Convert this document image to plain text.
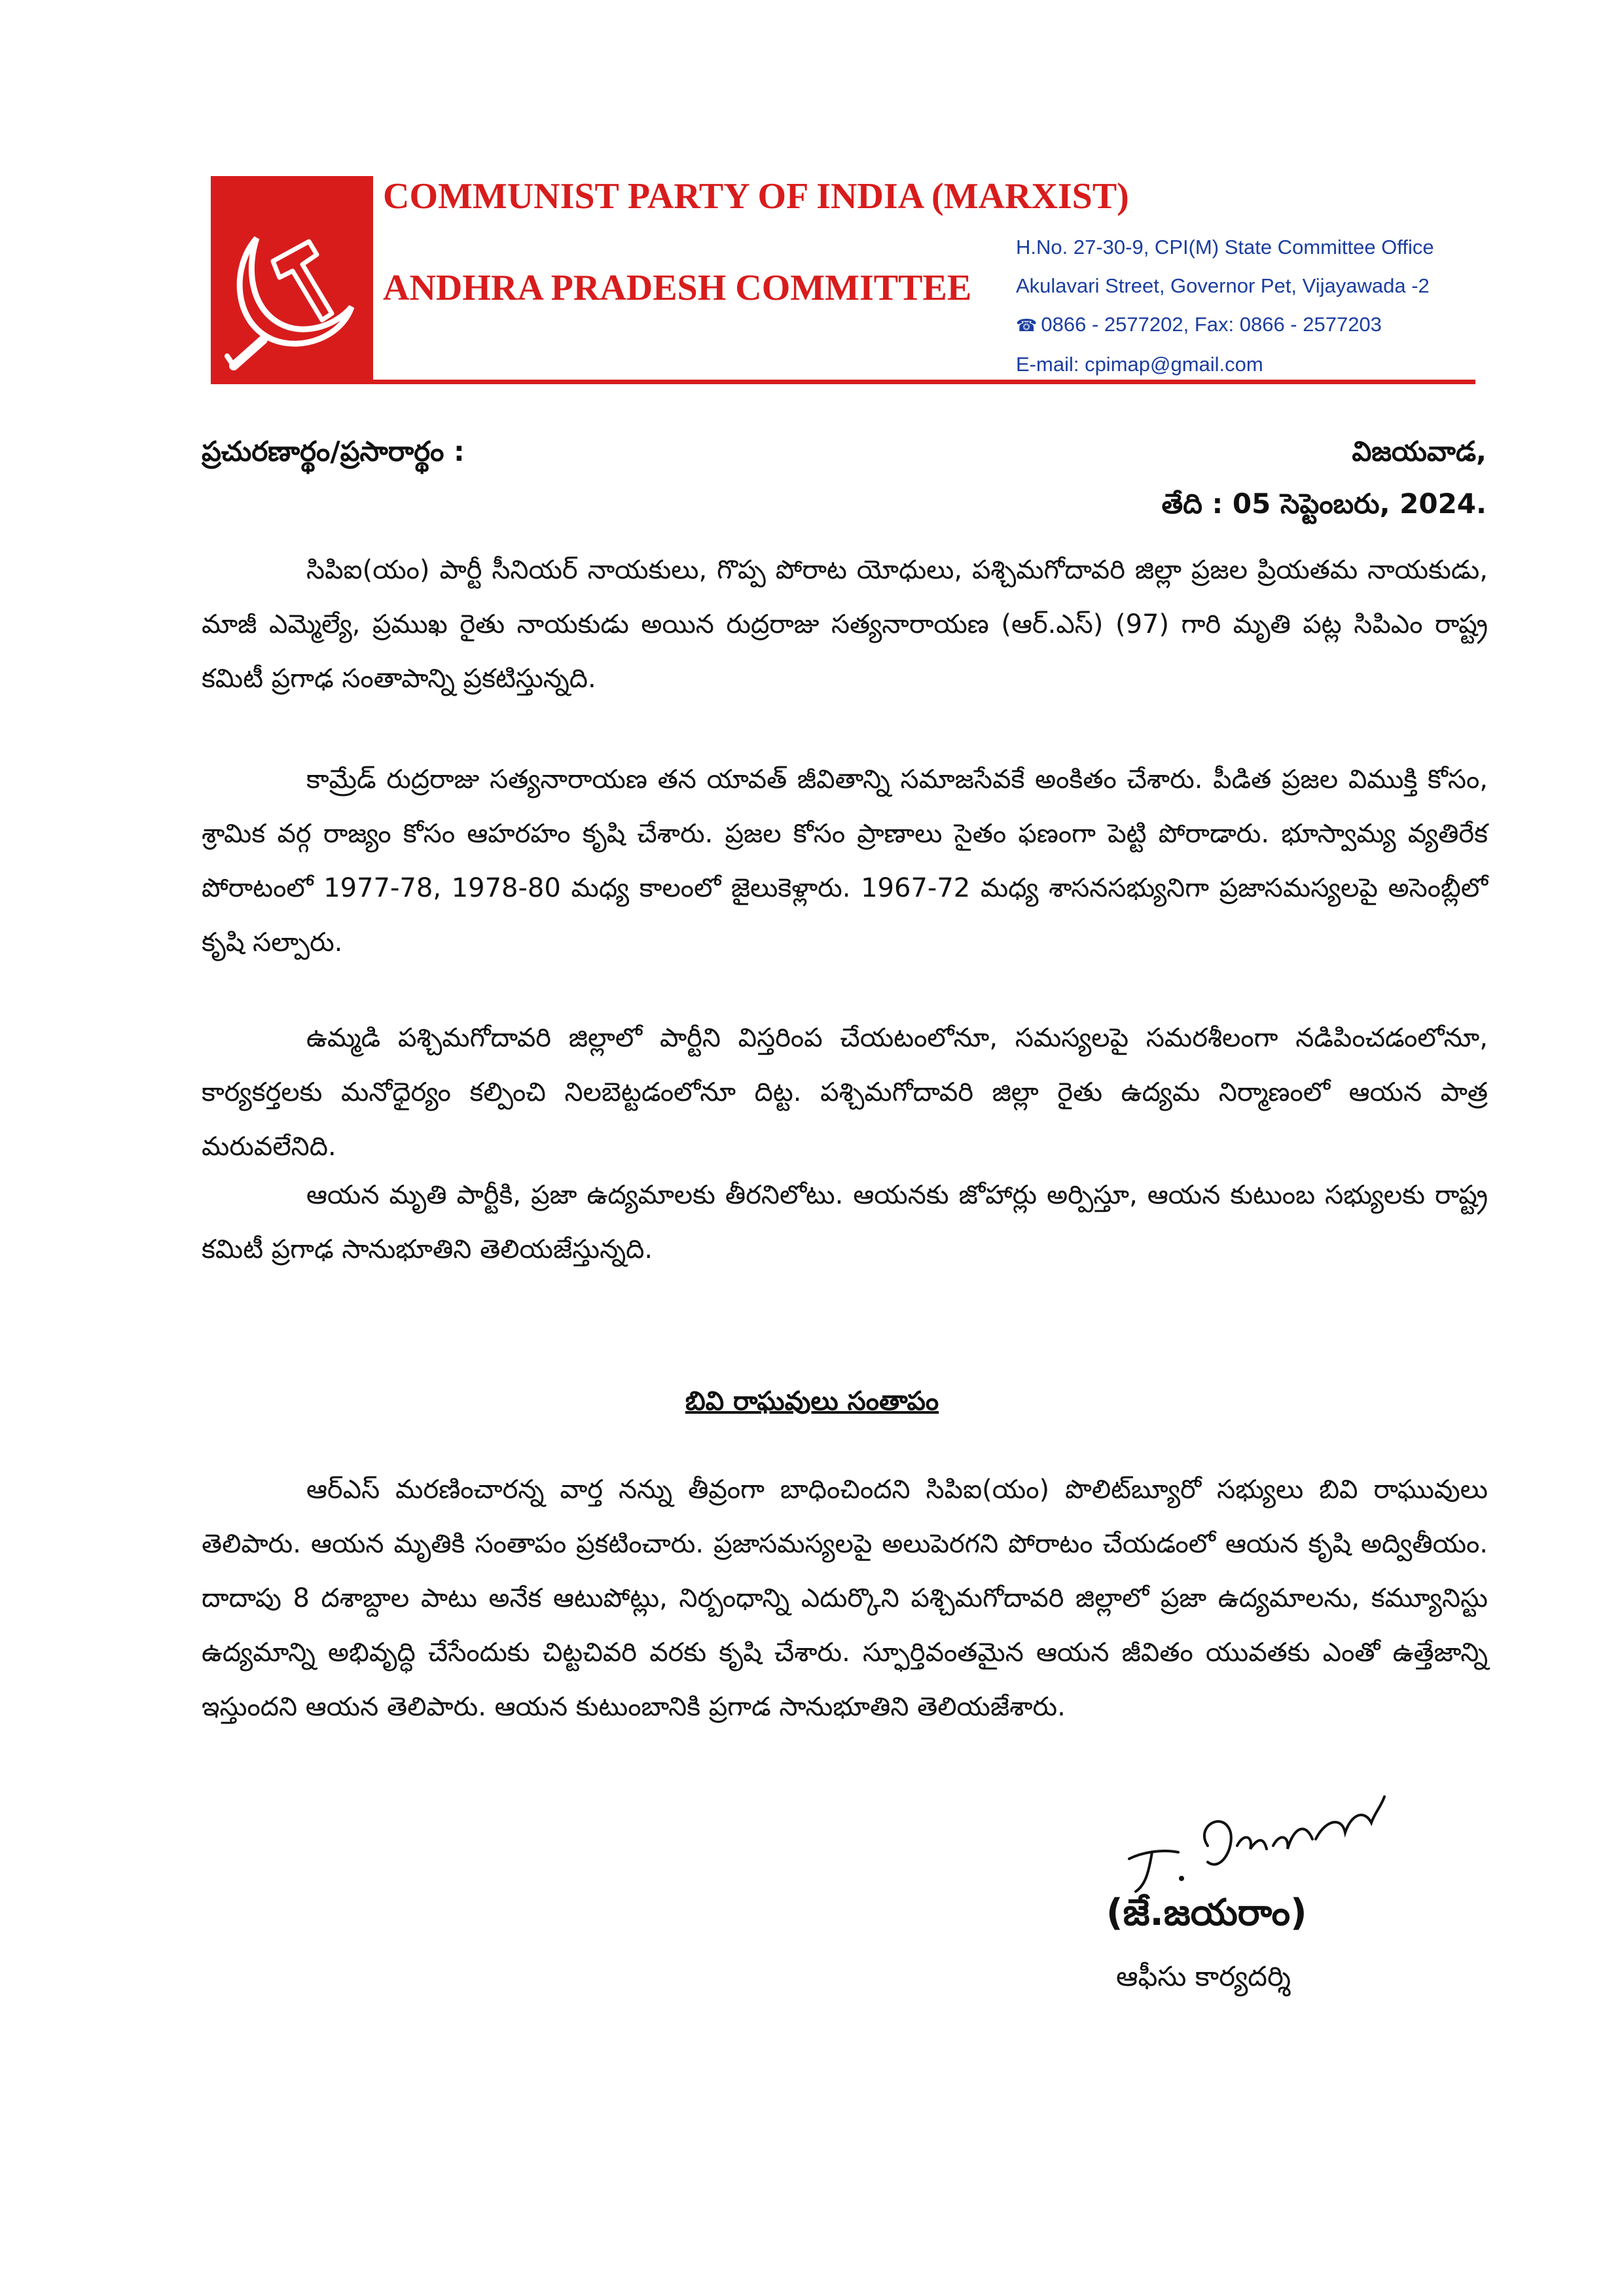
COMMUNIST PARTY OF INDIA (MARXIST)
ANDHRA PRADESH COMMITTEE
H.No. 27-30-9, CPI(M) State Committee Office
Akulavari Street, Governor Pet, Vijayawada -2
☎ 0866 - 2577202, Fax: 0866 - 2577203
E-mail: cpimap@gmail.com
ప్రచురణార్థం/ప్రసారార్థం :	విజయవాడ,
తేది : 05 సెప్టెంబరు, 2024.
సిపిఐ(యం) పార్టీ సీనియర్ నాయకులు, గొప్ప పోరాట యోధులు, పశ్చిమగోదావరి జిల్లా ప్రజల ప్రియతమ నాయకుడు, మాజీ ఎమ్మెల్యే, ప్రముఖ రైతు నాయకుడు అయిన రుద్రరాజు సత్యనారాయణ (ఆర్.ఎస్) (97) గారి మృతి పట్ల సిపిఎం రాష్ట్ర కమిటీ ప్రగాఢ సంతాపాన్ని ప్రకటిస్తున్నది.
కామ్రేడ్ రుద్రరాజు సత్యనారాయణ తన యావత్ జీవితాన్ని సమాజసేవకే అంకితం చేశారు. పీడిత ప్రజల విముక్తి కోసం, శ్రామిక వర్గ రాజ్యం కోసం ఆహరహం కృషి చేశారు. ప్రజల కోసం ప్రాణాలు సైతం ఫణంగా పెట్టి పోరాడారు. భూస్వామ్య వ్యతిరేక పోరాటంలో 1977-78, 1978-80 మధ్య కాలంలో జైలుకెళ్లారు. 1967-72 మధ్య శాసనసభ్యునిగా ప్రజాసమస్యలపై అసెంబ్లీలో కృషి సల్పారు.
ఉమ్మడి పశ్చిమగోదావరి జిల్లాలో పార్టీని విస్తరింప చేయటంలోనూ, సమస్యలపై సమరశీలంగా నడిపించడంలోనూ, కార్యకర్తలకు మనోధైర్యం కల్పించి నిలబెట్టడంలోనూ దిట్ట. పశ్చిమగోదావరి జిల్లా రైతు ఉద్యమ నిర్మాణంలో ఆయన పాత్ర మరువలేనిది.
ఆయన మృతి పార్టీకి, ప్రజా ఉద్యమాలకు తీరనిలోటు. ఆయనకు జోహార్లు అర్పిస్తూ, ఆయన కుటుంబ సభ్యులకు రాష్ట్ర కమిటీ ప్రగాఢ సానుభూతిని తెలియజేస్తున్నది.
బివి రాఘవులు సంతాపం
ఆర్ఎస్ మరణించారన్న వార్త నన్ను తీవ్రంగా బాధించిందని సిపిఐ(యం) పొలిట్‌బ్యూరో సభ్యులు బివి రాఘువులు తెలిపారు. ఆయన మృతికి సంతాపం ప్రకటించారు. ప్రజాసమస్యలపై అలుపెరగని పోరాటం చేయడంలో ఆయన కృషి అద్వితీయం. దాదాపు 8 దశాబ్దాల పాటు అనేక ఆటుపోట్లు, నిర్బంధాన్ని ఎదుర్కొని పశ్చిమగోదావరి జిల్లాలో ప్రజా ఉద్యమాలను, కమ్యూనిస్టు ఉద్యమాన్ని అభివృద్ధి చేసేందుకు చిట్టచివరి వరకు కృషి చేశారు. స్ఫూర్తివంతమైన ఆయన జీవితం యువతకు ఎంతో ఉత్తేజాన్ని ఇస్తుందని ఆయన తెలిపారు. ఆయన కుటుంబానికి ప్రగాడ సానుభూతిని తెలియజేశారు.
(జే.జయరాం)
ఆఫీసు కార్యదర్శి
